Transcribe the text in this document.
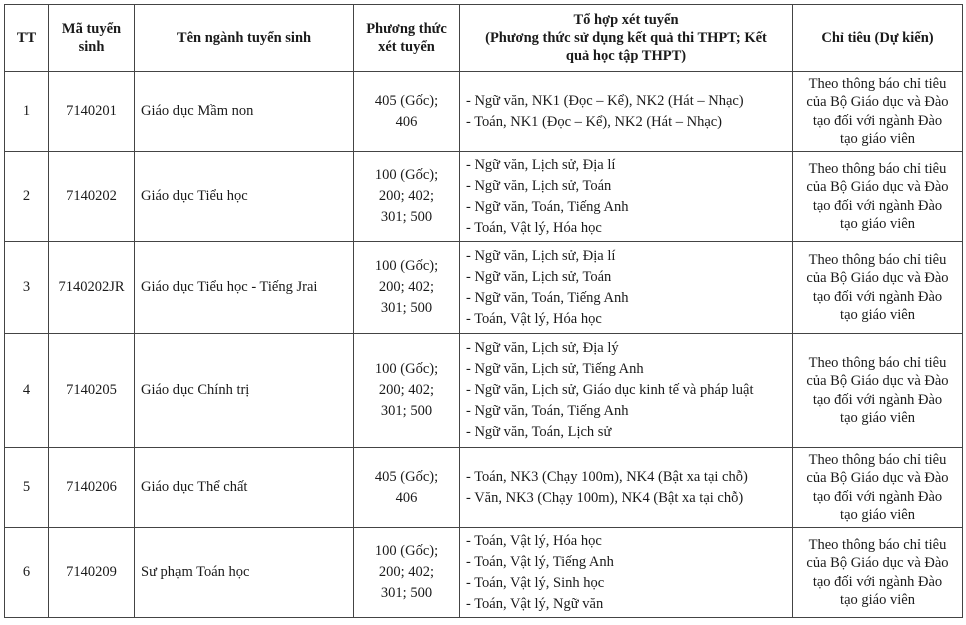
TT	Mã tuyển
sinh	Tên ngành tuyển sinh	Phương thức
xét tuyển	Tổ hợp xét tuyển
(Phương thức sử dụng kết quả thi THPT; Kết
quả học tập THPT)	Chỉ tiêu (Dự kiến)
1	7140201	Giáo dục Mầm non	405 (Gốc);
406	- Ngữ văn, NK1 (Đọc – Kể), NK2 (Hát – Nhạc)
- Toán, NK1 (Đọc – Kể), NK2 (Hát – Nhạc)	Theo thông báo chỉ tiêu
của Bộ Giáo dục và Đào
tạo đối với ngành Đào
tạo giáo viên

2	7140202	Giáo dục Tiểu học	100 (Gốc);
200; 402;
301; 500	- Ngữ văn, Lịch sử, Địa lí
- Ngữ văn, Lịch sử, Toán
- Ngữ văn, Toán, Tiếng Anh
- Toán, Vật lý, Hóa học	Theo thông báo chỉ tiêu
của Bộ Giáo dục và Đào
tạo đối với ngành Đào
tạo giáo viên

3	7140202JR	Giáo dục Tiểu học - Tiếng Jrai	100 (Gốc);
200; 402;
301; 500	- Ngữ văn, Lịch sử, Địa lí
- Ngữ văn, Lịch sử, Toán
- Ngữ văn, Toán, Tiếng Anh
- Toán, Vật lý, Hóa học	Theo thông báo chỉ tiêu
của Bộ Giáo dục và Đào
tạo đối với ngành Đào
tạo giáo viên

4	7140205	Giáo dục Chính trị	100 (Gốc);
200; 402;
301; 500	- Ngữ văn, Lịch sử, Địa lý
- Ngữ văn, Lịch sử, Tiếng Anh
- Ngữ văn, Lịch sử, Giáo dục kinh tế và pháp luật
- Ngữ văn, Toán, Tiếng Anh
- Ngữ văn, Toán, Lịch sử	Theo thông báo chỉ tiêu
của Bộ Giáo dục và Đào
tạo đối với ngành Đào
tạo giáo viên

5	7140206	Giáo dục Thể chất	405 (Gốc);
406	- Toán, NK3 (Chạy 100m), NK4 (Bật xa tại chỗ)
- Văn, NK3 (Chạy 100m), NK4 (Bật xa tại chỗ)	Theo thông báo chỉ tiêu
của Bộ Giáo dục và Đào
tạo đối với ngành Đào
tạo giáo viên

6	7140209	Sư phạm Toán học	100 (Gốc);
200; 402;
301; 500	- Toán, Vật lý, Hóa học
- Toán, Vật lý, Tiếng Anh
- Toán, Vật lý, Sinh học
- Toán, Vật lý, Ngữ văn	Theo thông báo chỉ tiêu
của Bộ Giáo dục và Đào
tạo đối với ngành Đào
tạo giáo viên
